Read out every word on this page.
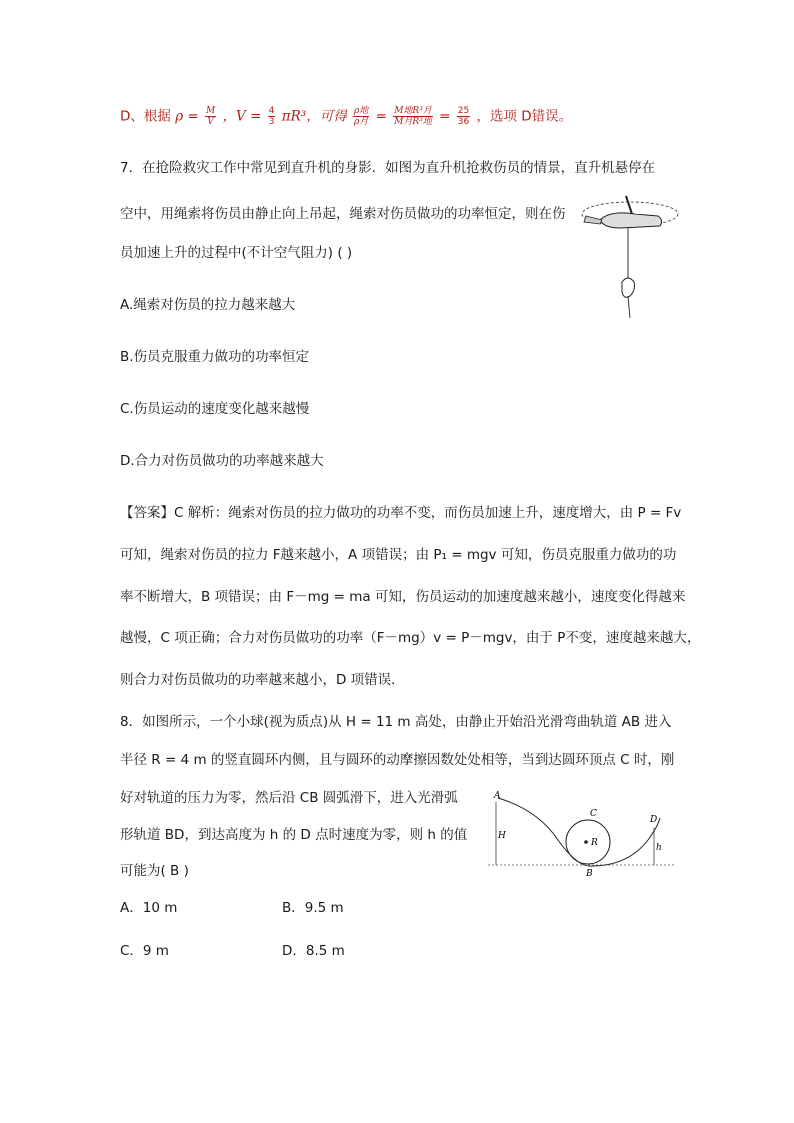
D、根据 $\rho = \frac{M}{V}$ ，$V = \frac{4}{3} \pi R^3$，可得 $\frac{\text{ρ地}}{\text{ρ月}} = \frac{\text{M地R³月}}{\text{M月R³地}} = \frac{25}{36}$ ，选项 D错误。
7．在抢险救灾工作中常见到直升机的身影．如图为直升机抢救伤员的情景，直升机悬停在
空中，用绳索将伤员由静止向上吊起，绳索对伤员做功的功率恒定，则在伤
员加速上升的过程中(不计空气阻力) ( )
A.绳索对伤员的拉力越来越大
B.伤员克服重力做功的功率恒定
C.伤员运动的速度变化越来越慢
D.合力对伤员做功的功率越来越大
【答案】C 解析：绳索对伤员的拉力做功的功率不变，而伤员加速上升，速度增大，由 P = Fv
可知，绳索对伤员的拉力 F越来越小，A 项错误；由 P₁ = mgv 可知，伤员克服重力做功的功
率不断增大，B 项错误；由 F－mg = ma 可知，伤员运动的加速度越来越小，速度变化得越来
越慢，C 项正确；合力对伤员做功的功率（F－mg）v = P－mgv，由于 P不变，速度越来越大，
则合力对伤员做功的功率越来越小，D 项错误．
8．如图所示，一个小球(视为质点)从 H = 11 m 高处，由静止开始沿光滑弯曲轨道 AB 进入
半径 R = 4 m 的竖直圆环内侧，且与圆环的动摩擦因数处处相等，当到达圆环顶点 C 时，刚
好对轨道的压力为零，然后沿 CB 圆弧滑下，进入光滑弧
形轨道 BD，到达高度为 h 的 D 点时速度为零，则 h 的值
可能为( B )
A
H
C
R
B
D
h
A．10 m	B．9.5 m
C．9 m	D．8.5 m
